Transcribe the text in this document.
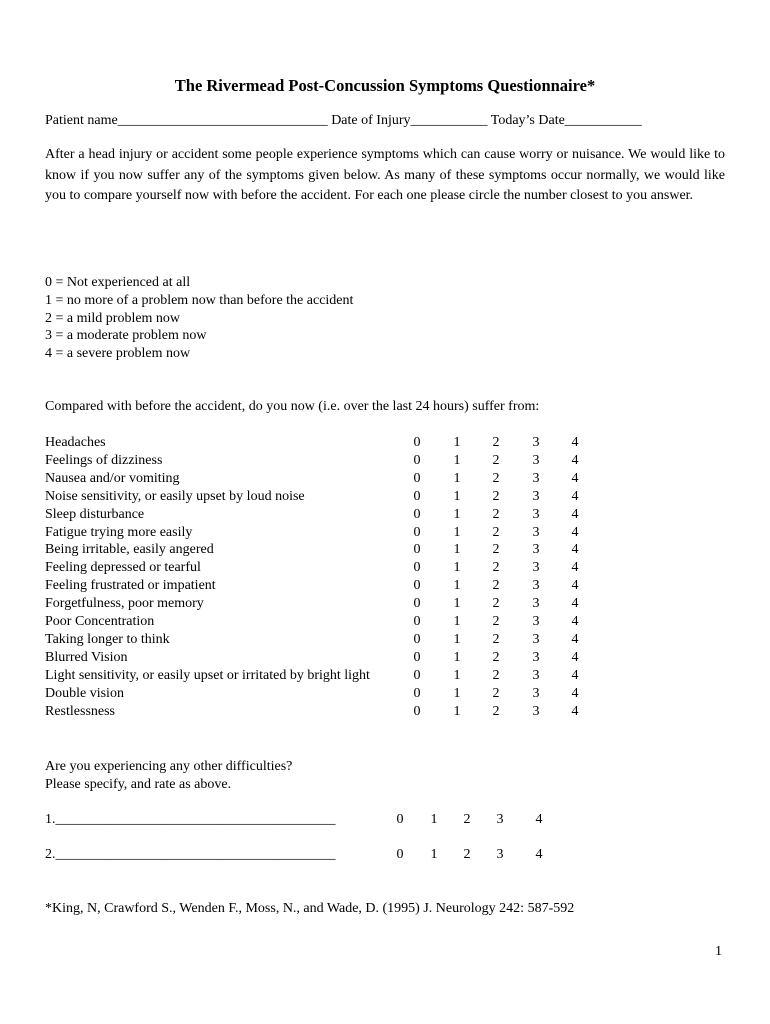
The Rivermead Post-Concussion Symptoms Questionnaire*
Patient name______________________________ Date of Injury___________ Today’s Date___________
After a head injury or accident some people experience symptoms which can cause worry or nuisance. We would like to know if you now suffer any of the symptoms given below. As many of these symptoms occur normally, we would like you to compare yourself now with before the accident. For each one please circle the number closest to you answer.
0 = Not experienced at all
1 = no more of a problem now than before the accident
2 = a mild problem now
3 = a moderate problem now
4 = a severe problem now
Compared with before the accident, do you now (i.e. over the last 24 hours) suffer from:
Headaches	0 1 2 3 4
Feelings of dizziness	0 1 2 3 4
Nausea and/or vomiting	0 1 2 3 4
Noise sensitivity, or easily upset by loud noise	0 1 2 3 4
Sleep disturbance	0 1 2 3 4
Fatigue trying more easily	0 1 2 3 4
Being irritable, easily angered	0 1 2 3 4
Feeling depressed or tearful	0 1 2 3 4
Feeling frustrated or impatient	0 1 2 3 4
Forgetfulness, poor memory	0 1 2 3 4
Poor Concentration	0 1 2 3 4
Taking longer to think	0 1 2 3 4
Blurred Vision	0 1 2 3 4
Light sensitivity, or easily upset or irritated by bright light	0 1 2 3 4
Double vision	0 1 2 3 4
Restlessness	0 1 2 3 4
Are you experiencing any other difficulties?
Please specify, and rate as above.
1.________________________________________	0 1 2 3 4
2.________________________________________	0 1 2 3 4
*King, N, Crawford S., Wenden F., Moss, N., and Wade, D. (1995) J. Neurology 242: 587-592
1
